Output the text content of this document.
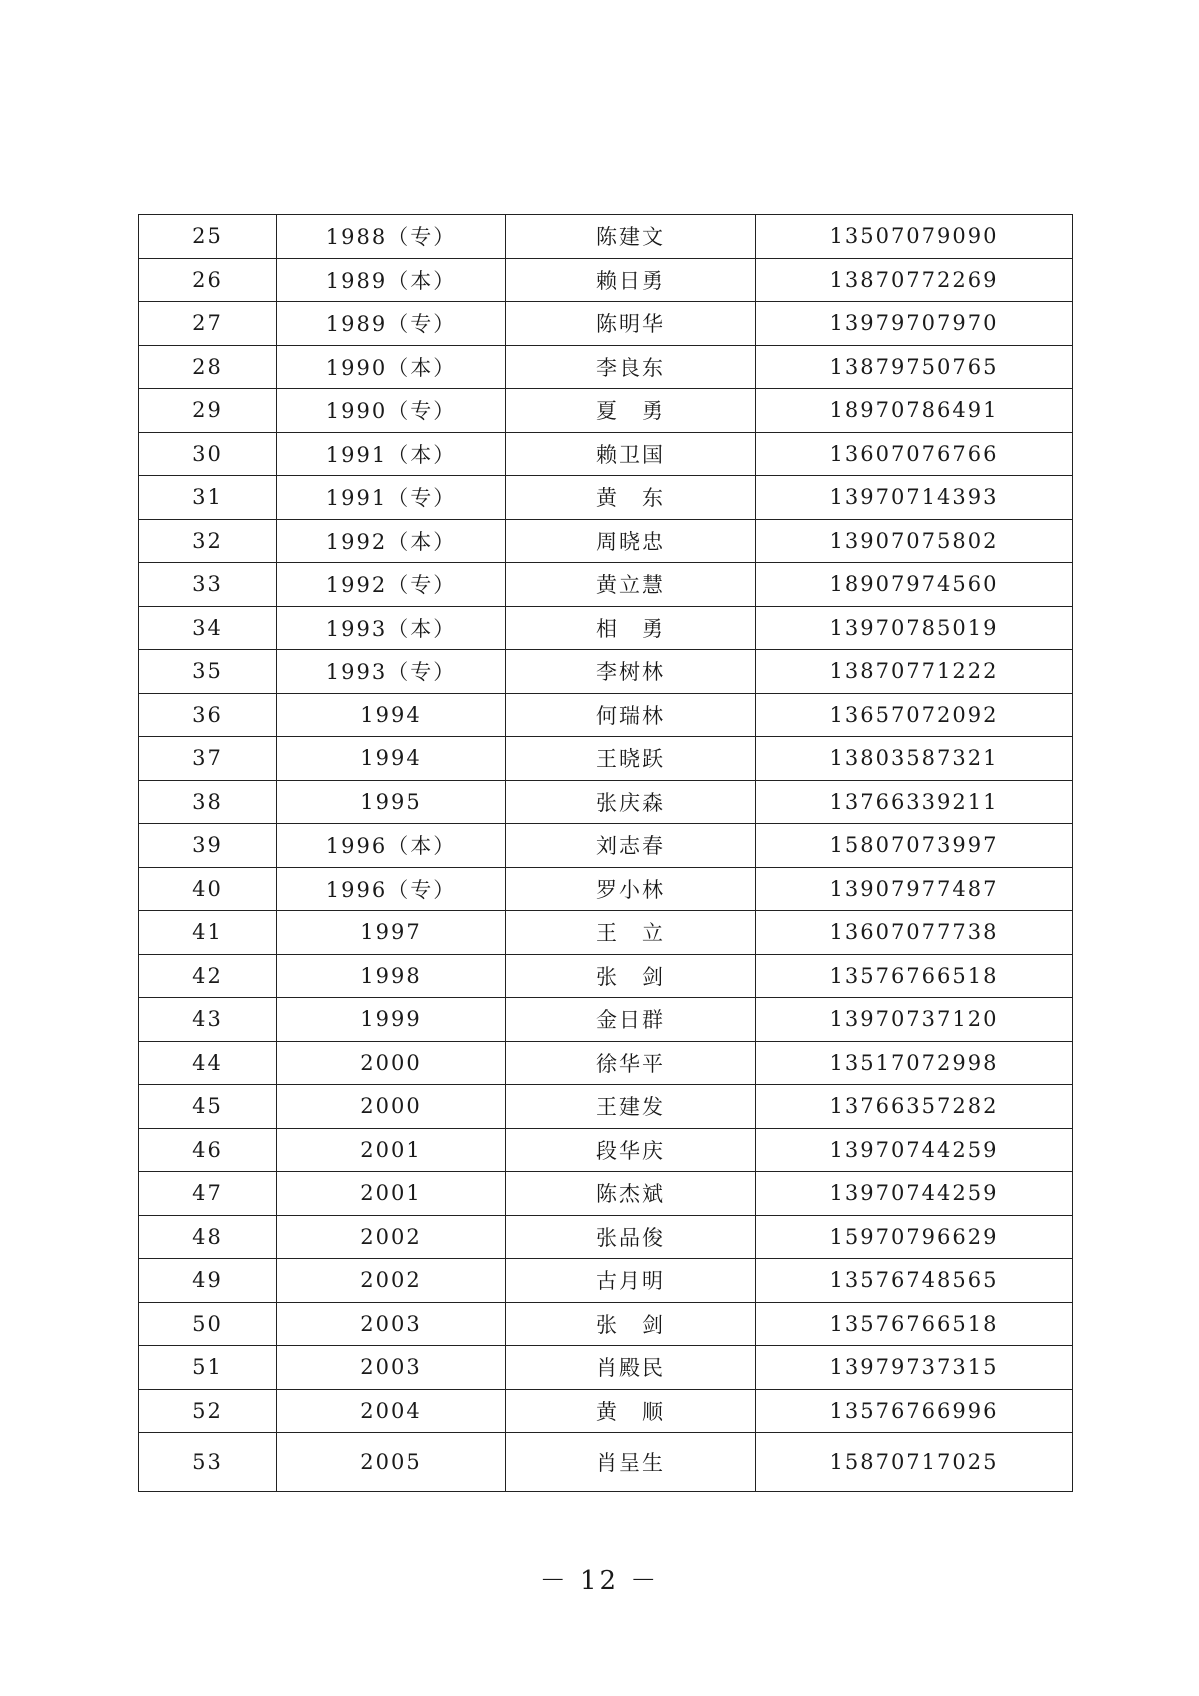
25	1988（专）	陈建文	13507079090
26	1989（本）	赖日勇	13870772269
27	1989（专）	陈明华	13979707970
28	1990（本）	李良东	13879750765
29	1990（专）	夏　勇	18970786491
30	1991（本）	赖卫国	13607076766
31	1991（专）	黄　东	13970714393
32	1992（本）	周晓忠	13907075802
33	1992（专）	黄立慧	18907974560
34	1993（本）	相　勇	13970785019
35	1993（专）	李树林	13870771222
36	1994	何瑞林	13657072092
37	1994	王晓跃	13803587321
38	1995	张庆森	13766339211
39	1996（本）	刘志春	15807073997
40	1996（专）	罗小林	13907977487
41	1997	王　立	13607077738
42	1998	张　剑	13576766518
43	1999	金日群	13970737120
44	2000	徐华平	13517072998
45	2000	王建发	13766357282
46	2001	段华庆	13970744259
47	2001	陈杰斌	13970744259
48	2002	张品俊	15970796629
49	2002	古月明	13576748565
50	2003	张　剑	13576766518
51	2003	肖殿民	13979737315
52	2004	黄　顺	13576766996
53	2005	肖呈生	15870717025
－ 12 －
